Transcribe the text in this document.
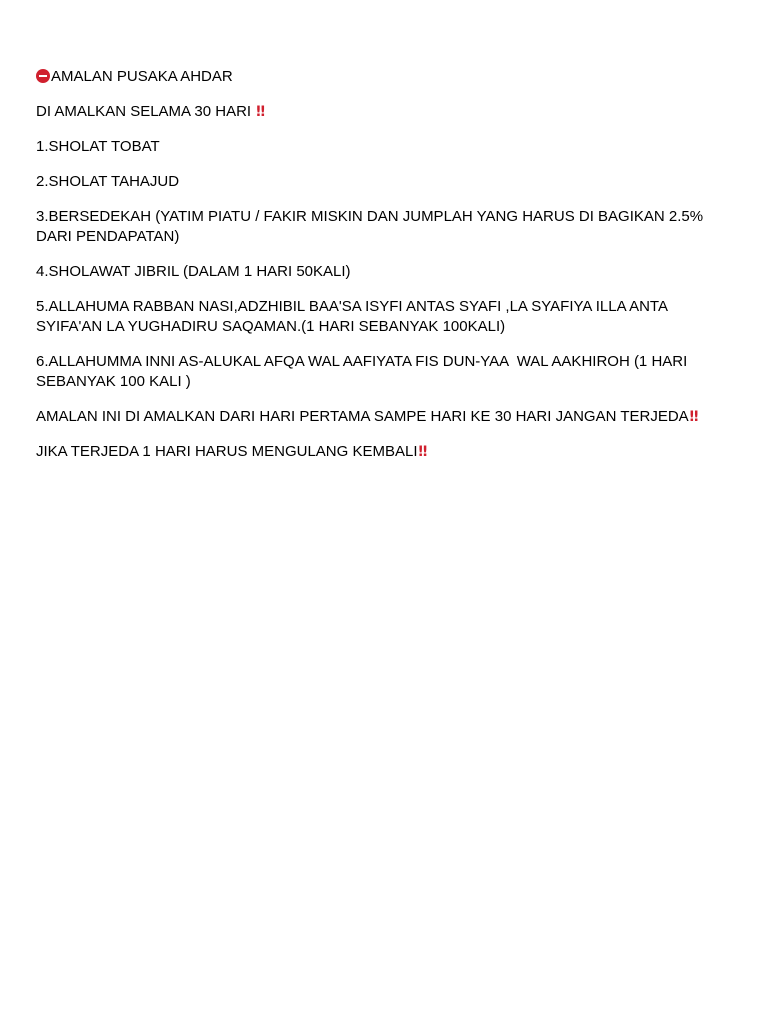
AMALAN PUSAKA AHDAR

DI AMALKAN SELAMA 30 HARI ‼

1.SHOLAT TOBAT

2.SHOLAT TAHAJUD

3.BERSEDEKAH (YATIM PIATU / FAKIR MISKIN DAN JUMPLAH YANG HARUS DI BAGIKAN 2.5% DARI PENDAPATAN)

4.SHOLAWAT JIBRIL (DALAM 1 HARI 50KALI)

5.ALLAHUMA RABBAN NASI,ADZHIBIL BAA'SA ISYFI ANTAS SYAFI ,LA SYAFIYA ILLA ANTA SYIFA'AN LA YUGHADIRU SAQAMAN.(1 HARI SEBANYAK 100KALI)

6.ALLAHUMMA INNI AS-ALUKAL AFQA WAL AAFIYATA FIS DUN-YAA  WAL AAKHIROH (1 HARI SEBANYAK 100 KALI )

AMALAN INI DI AMALKAN DARI HARI PERTAMA SAMPE HARI KE 30 HARI JANGAN TERJEDA‼

JIKA TERJEDA 1 HARI HARUS MENGULANG KEMBALI‼
